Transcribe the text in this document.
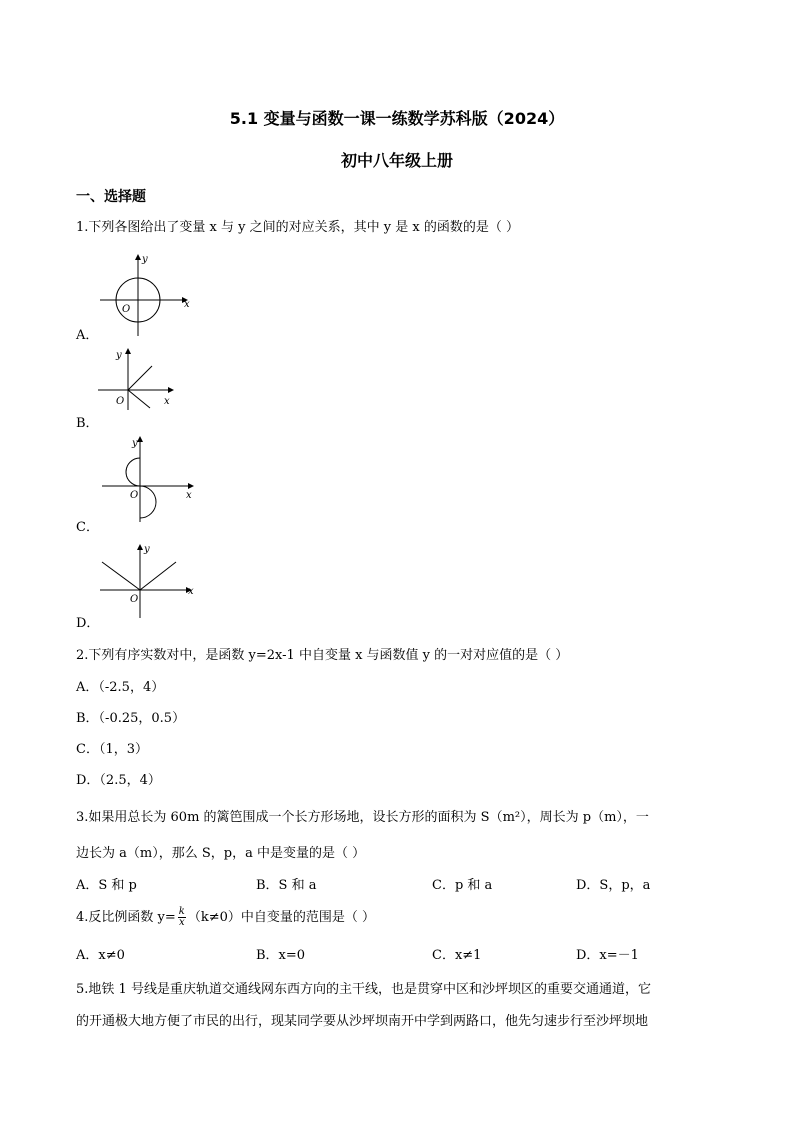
5.1 变量与函数一课一练数学苏科版（2024）
初中八年级上册
一、选择题
1.下列各图给出了变量 x 与 y 之间的对应关系，其中 y 是 x 的函数的是（ ）
O	x
y
A．
O	x
y
B．
O	x
y
C．
O
x
y
D．
2.下列有序实数对中，是函数 y=2x-1 中自变量 x 与函数值 y 的一对对应值的是（ ）
A．（-2.5，4）
B．（-0.25，0.5）
C．（1，3）
D．（2.5，4）
3.如果用总长为 60m 的篱笆围成一个长方形场地，设长方形的面积为 S（m²），周长为 p（m），一
边长为 a（m），那么 S，p，a 中是变量的是（ ）
A．S 和 p	B．S 和 a	C．p 和 a	D．S，p，a
4.反比例函数 $y= \frac{k}{x} (k\ne 0)$中自变量的范围是（ ）
A．x≠0	B．x=0	C．x≠1	D．x=－1
5.地铁 1 号线是重庆轨道交通线网东西方向的主干线，也是贯穿中区和沙坪坝区的重要交通通道，它
的开通极大地方便了市民的出行，现某同学要从沙坪坝南开中学到两路口，他先匀速步行至沙坪坝地
